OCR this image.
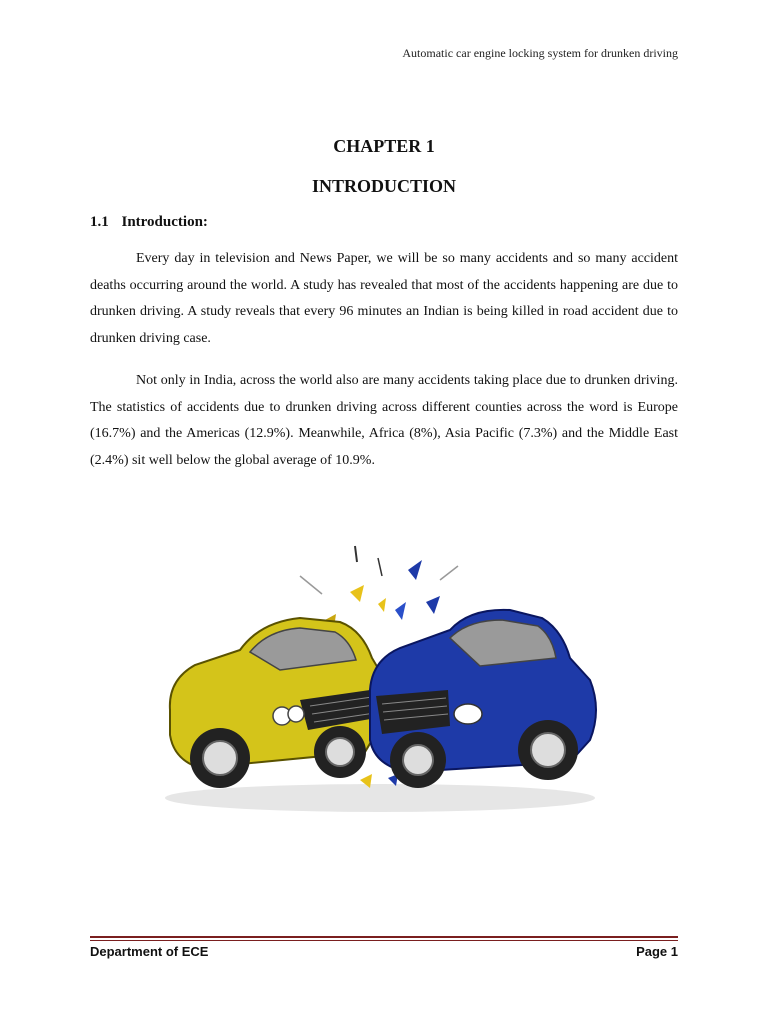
Automatic car engine locking system for drunken driving
CHAPTER 1
INTRODUCTION
1.1 Introduction:

Every day in television and News Paper, we will be so many accidents and so many accident deaths occurring around the world. A study has revealed that most of the accidents happening are due to drunken driving. A study reveals that every 96 minutes an Indian is being killed in road accident due to drunken driving case.

Not only in India, across the world also are many accidents taking place due to drunken driving. The statistics of accidents due to drunken driving across different counties across the word is Europe (16.7%) and the Americas (12.9%). Meanwhile, Africa (8%), Asia Pacific (7.3%) and the Middle East (2.4%) sit well below the global average of 10.9%.

Department of ECE	Page 1
